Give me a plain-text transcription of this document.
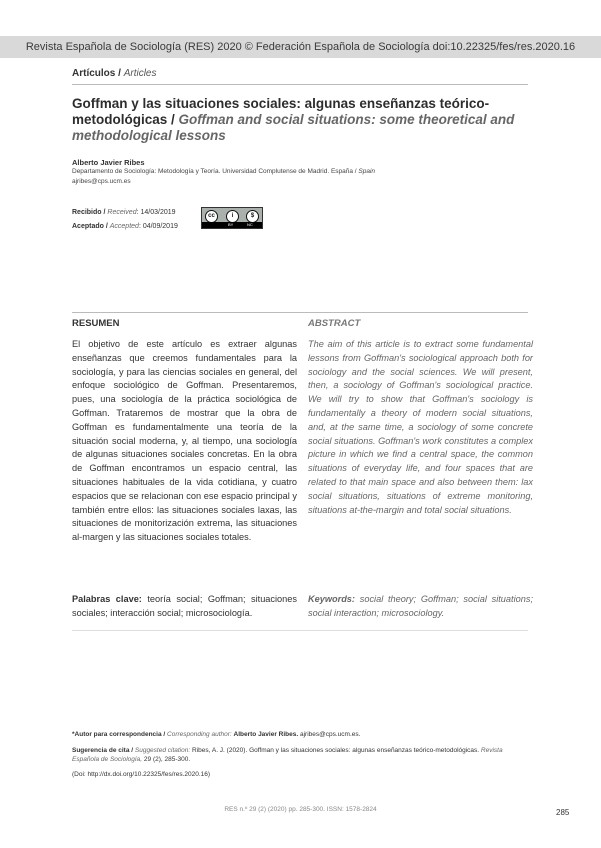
Revista Española de Sociología (RES) 2020 © Federación Española de Sociología doi:10.22325/fes/res.2020.16
Artículos / Articles
Goffman y las situaciones sociales: algunas enseñanzas teórico-metodológicas / Goffman and social situations: some theoretical and methodological lessons
Alberto Javier Ribes
Departamento de Sociología: Metodología y Teoría. Universidad Complutense de Madrid. España / Spain
ajribes@cps.ucm.es
Recibido / Received: 14/03/2019
Aceptado / Accepted: 04/09/2019
cc	i	$
BY	NC
RESUMEN	ABSTRACT
El objetivo de este artículo es extraer algunas enseñanzas que creemos fundamentales para la sociología, y para las ciencias sociales en general, del enfoque sociológico de Goffman. Presentaremos, pues, una sociología de la práctica sociológica de Goffman. Trataremos de mostrar que la obra de Goffman es fundamentalmente una teoría de la situación social moderna, y, al tiempo, una sociología de algunas situaciones sociales concretas. En la obra de Goffman encontramos un espacio central, las situaciones habituales de la vida cotidiana, y cuatro espacios que se relacionan con ese espacio principal y también entre ellos: las situaciones sociales laxas, las situaciones de monitorización extrema, las situaciones al-margen y las situaciones sociales totales.
The aim of this article is to extract some fundamental lessons from Goffman's sociological approach both for sociology and the social sciences. We will present, then, a sociology of Goffman's sociological practice. We will try to show that Goffman's sociology is fundamentally a theory of modern social situations, and, at the same time, a sociology of some concrete social situations. Goffman's work constitutes a complex picture in which we find a central space, the common situations of everyday life, and four spaces that are related to that main space and also between them: lax social situations, situations of extreme monitoring, situations at-the-margin and total social situations.
Palabras clave: teoría social; Goffman; situaciones sociales; interacción social; microsociología.
Keywords: social theory; Goffman; social situations; social interaction; microsociology.
*Autor para correspondencia / Corresponding author: Alberto Javier Ribes. ajribes@cps.ucm.es.
Sugerencia de cita / Suggested citation: Ribes, A. J. (2020). Goffman y las situaciones sociales: algunas enseñanzas teórico-metodológicas. Revista Española de Sociología, 29 (2), 285-300.
(Doi: http://dx.doi.org/10.22325/fes/res.2020.16)
RES n.º 29 (2) (2020) pp. 285-300. ISSN: 1578-2824	285
